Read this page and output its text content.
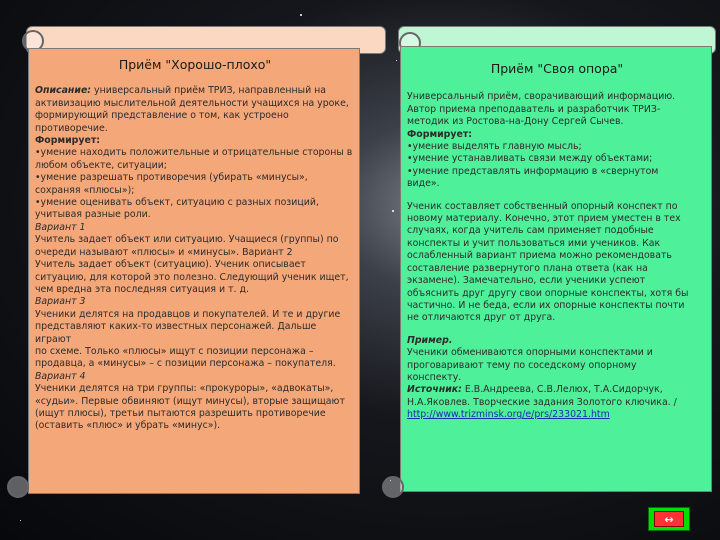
Приём "Хорошо-плохо"

Описание: универсальный приём ТРИЗ, направленный на

активизацию мыслительной деятельности учащихся на уроке,

формирующий представление о том, как устроено

противоречие.

Формирует:

•умение находить положительные и отрицательные стороны в

любом объекте, ситуации;

•умение разрешать противоречия (убирать «минусы»,

сохраняя «плюсы»);

•умение оценивать объект, ситуацию с разных позиций,

учитывая разные роли.

Вариант 1

Учитель задает объект или ситуацию. Учащиеся (группы) по

очереди называют «плюсы» и «минусы». Вариант 2

Учитель задает объект (ситуацию). Ученик описывает

ситуацию, для которой это полезно. Следующий ученик ищет,

чем вредна эта последняя ситуация и т. д.

Вариант 3

Ученики делятся на продавцов и покупателей. И те и другие

представляют каких-то известных персонажей. Дальше играют

по схеме. Только «плюсы» ищут с позиции персонажа –

продавца, а «минусы» – с позиции персонажа – покупателя.

Вариант 4

Ученики делятся на три группы: «прокуроры», «адвокаты»,

«судьи». Первые обвиняют (ищут минусы), вторые защищают

(ищут плюсы), третьи пытаются разрешить противоречие

(оставить «плюс» и убрать «минус»).

Приём "Своя опора"

Универсальный приём, сворачивающий информацию.

Автор приема преподаватель и разработчик ТРИЗ-

методик из Ростова-на-Дону Сергей Сычев.

Формирует:

•умение выделять главную мысль;

•умение устанавливать связи между объектами;

•умение представлять информацию в «свернутом

виде».

Ученик составляет собственный опорный конспект по

новому материалу. Конечно, этот прием уместен в тех

случаях, когда учитель сам применяет подобные

конспекты и учит пользоваться ими учеников. Как

ослабленный вариант приема можно рекомендовать

составление развернутого плана ответа (как на

экзамене). Замечательно, если ученики успеют

объяснить друг другу свои опорные конспекты, хотя бы

частично. И не беда, если их опорные конспекты почти

не отличаются друг от друга.

Пример.

Ученики обмениваются опорными конспектами и

проговаривают тему по соседскому опорному

конспекту.

Источник: Е.В.Андреева, С.В.Лелюх, Т.А.Сидорчук,

Н.А.Яковлев. Творческие задания Золотого ключика. /

http://www.trizminsk.org/e/prs/233021.htm

↔
